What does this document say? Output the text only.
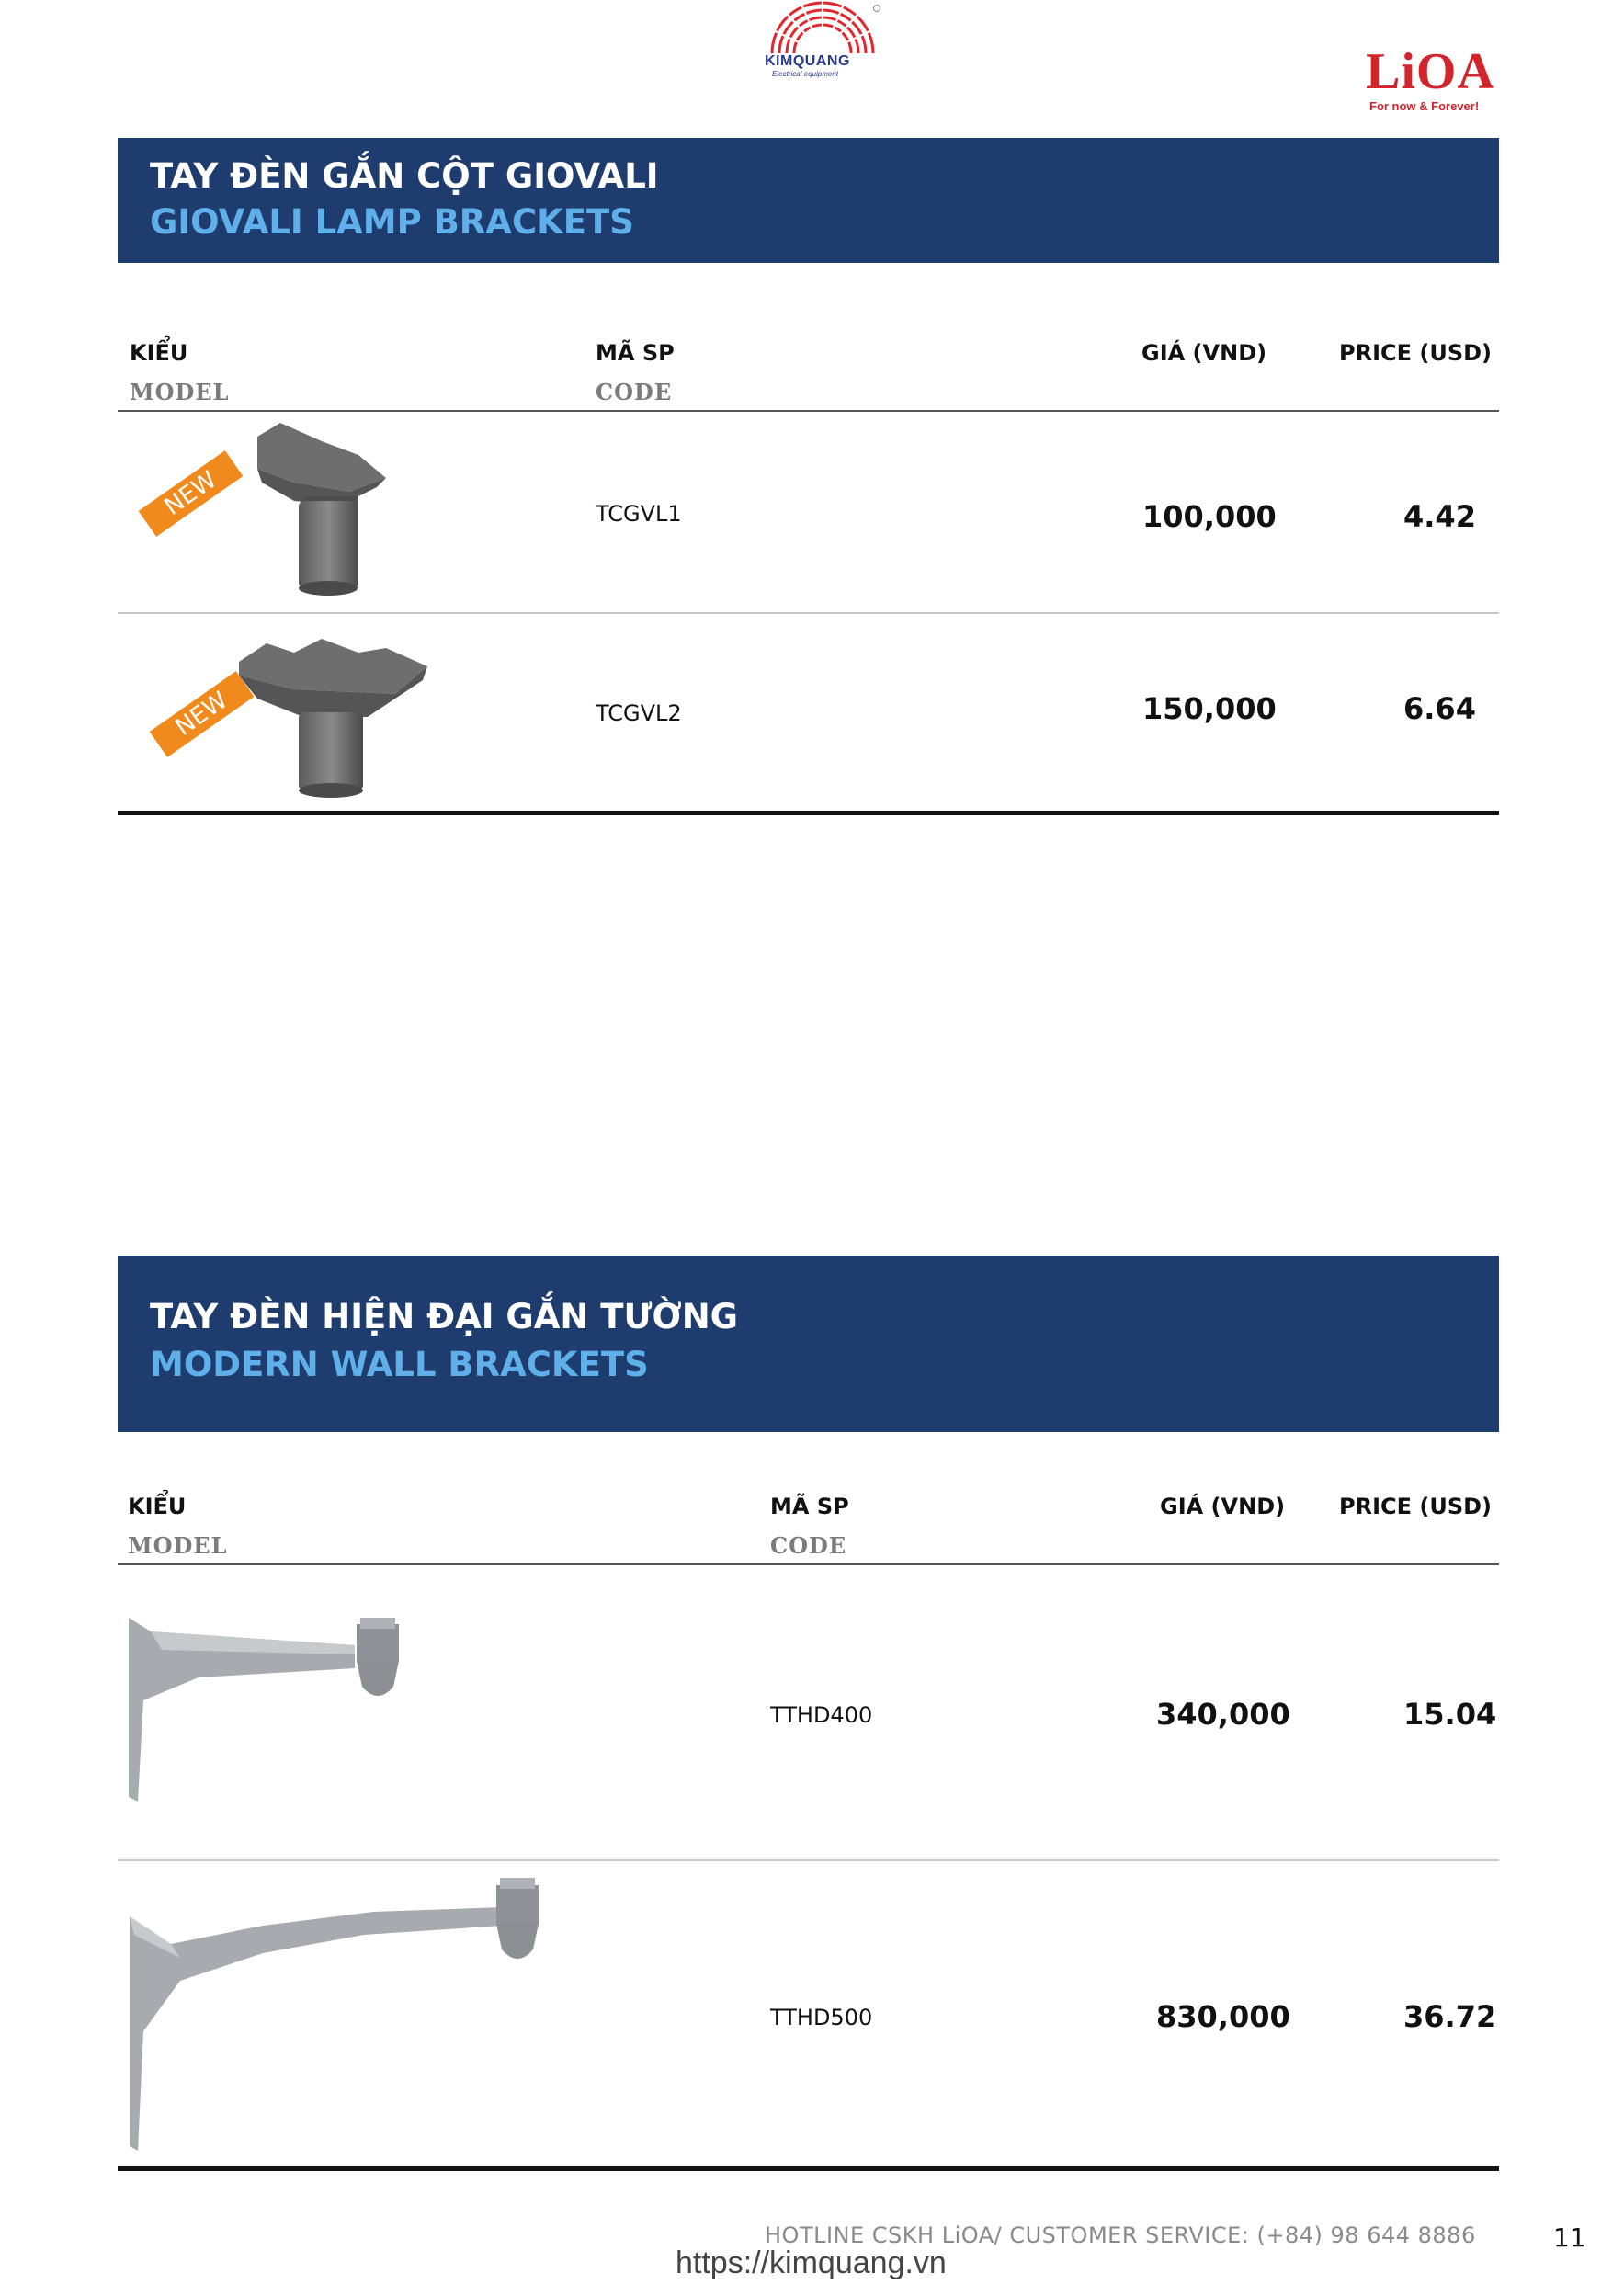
KIMQUANG
Electrical equipment	LiOA
For now & Forever!
TAY ĐÈN GẮN CỘT GIOVALI
GIOVALI LAMP BRACKETS
KIỂU
MODEL
MÃ SP
CODE
GIÁ (VND)	PRICE (USD)
NEW	TCGVL1	100,000	4.42
NEW	TCGVL2	150,000	6.64
TAY ĐÈN HIỆN ĐẠI GẮN TƯỜNG
MODERN WALL BRACKETS
KIỂU
MODEL
MÃ SP
CODE
GIÁ (VND) PRICE (USD)
TTHD400	340,000	15.04
TTHD500	830,000	36.72
HOTLINE CSKH LiOA/ CUSTOMER SERVICE: (+84) 98 644 8886
https://kimquang.vn
11
